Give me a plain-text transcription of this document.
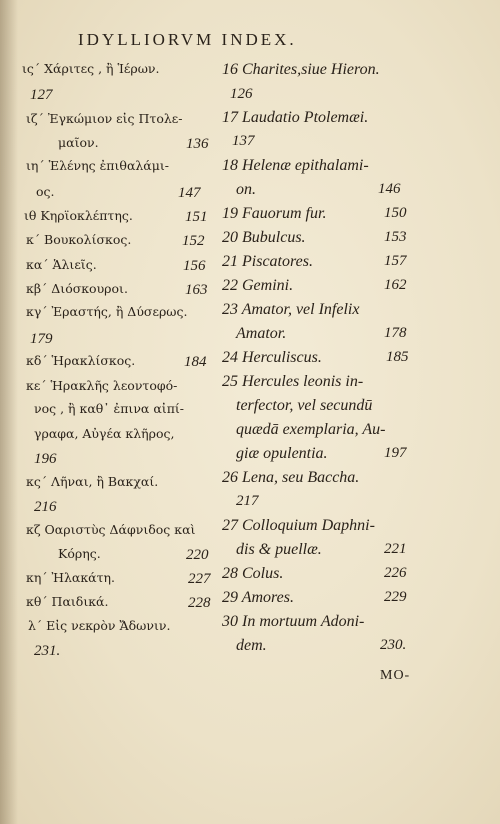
IDYLLIORVM INDEX.
ις΄ Χάριτες , ἢ Ἱέρων.
127
ιζ΄ Ἐγκώμιον εἰς Πτολε-
μαῖον.	136
ιη΄ Ἑλένης ἐπιθαλάμι-
ος.	147
ιθ Κηρϊοκλέπτης.	151
κ΄ Βουκολίσκος.	152
κα΄ Ἁλιεῖς.	156
κβ΄ Διόσκουροι.	163
κγ΄ Ἐραστής, ἢ Δύσερως.
179
κδ΄ Ἡρακλίσκος.	184
κε΄ Ἡρακλῆς λεοντοφό-
νος , ἢ καθ᾽ ἐπινα αἰπί-
γραφα, Αὐγέα κλῆρος,
196
κς΄ Λῆναι, ἢ Βακχαί.
216
κζ Οαριστὺς Δάφνιδος καὶ
Κόρης.	220
κη΄ Ἠλακάτη.	227
κθ΄ Παιδικά.	228
λ΄ Εἰς νεκρὸν Ἄδωνιν.
231.
16 Charites,siue Hieron.
126
17 Laudatio Ptolemæi.
137
18 Helenæ epithalami-
on.	146
19 Fauorum fur.	150
20 Bubulcus.	153
21 Piscatores.	157
22 Gemini.	162
23 Amator, vel Infelix
Amator.	178
24 Herculiscus.	185
25 Hercules leonis in-
terfector, vel secundū
quædā exemplaria, Au-
giæ opulentia.	197
26 Lena, seu Baccha.
217
27 Colloquium Daphni-
dis & puellæ.	221
28 Colus.	226
29 Amores.	229
30 In mortuum Adoni-
dem.	230.
MO-
